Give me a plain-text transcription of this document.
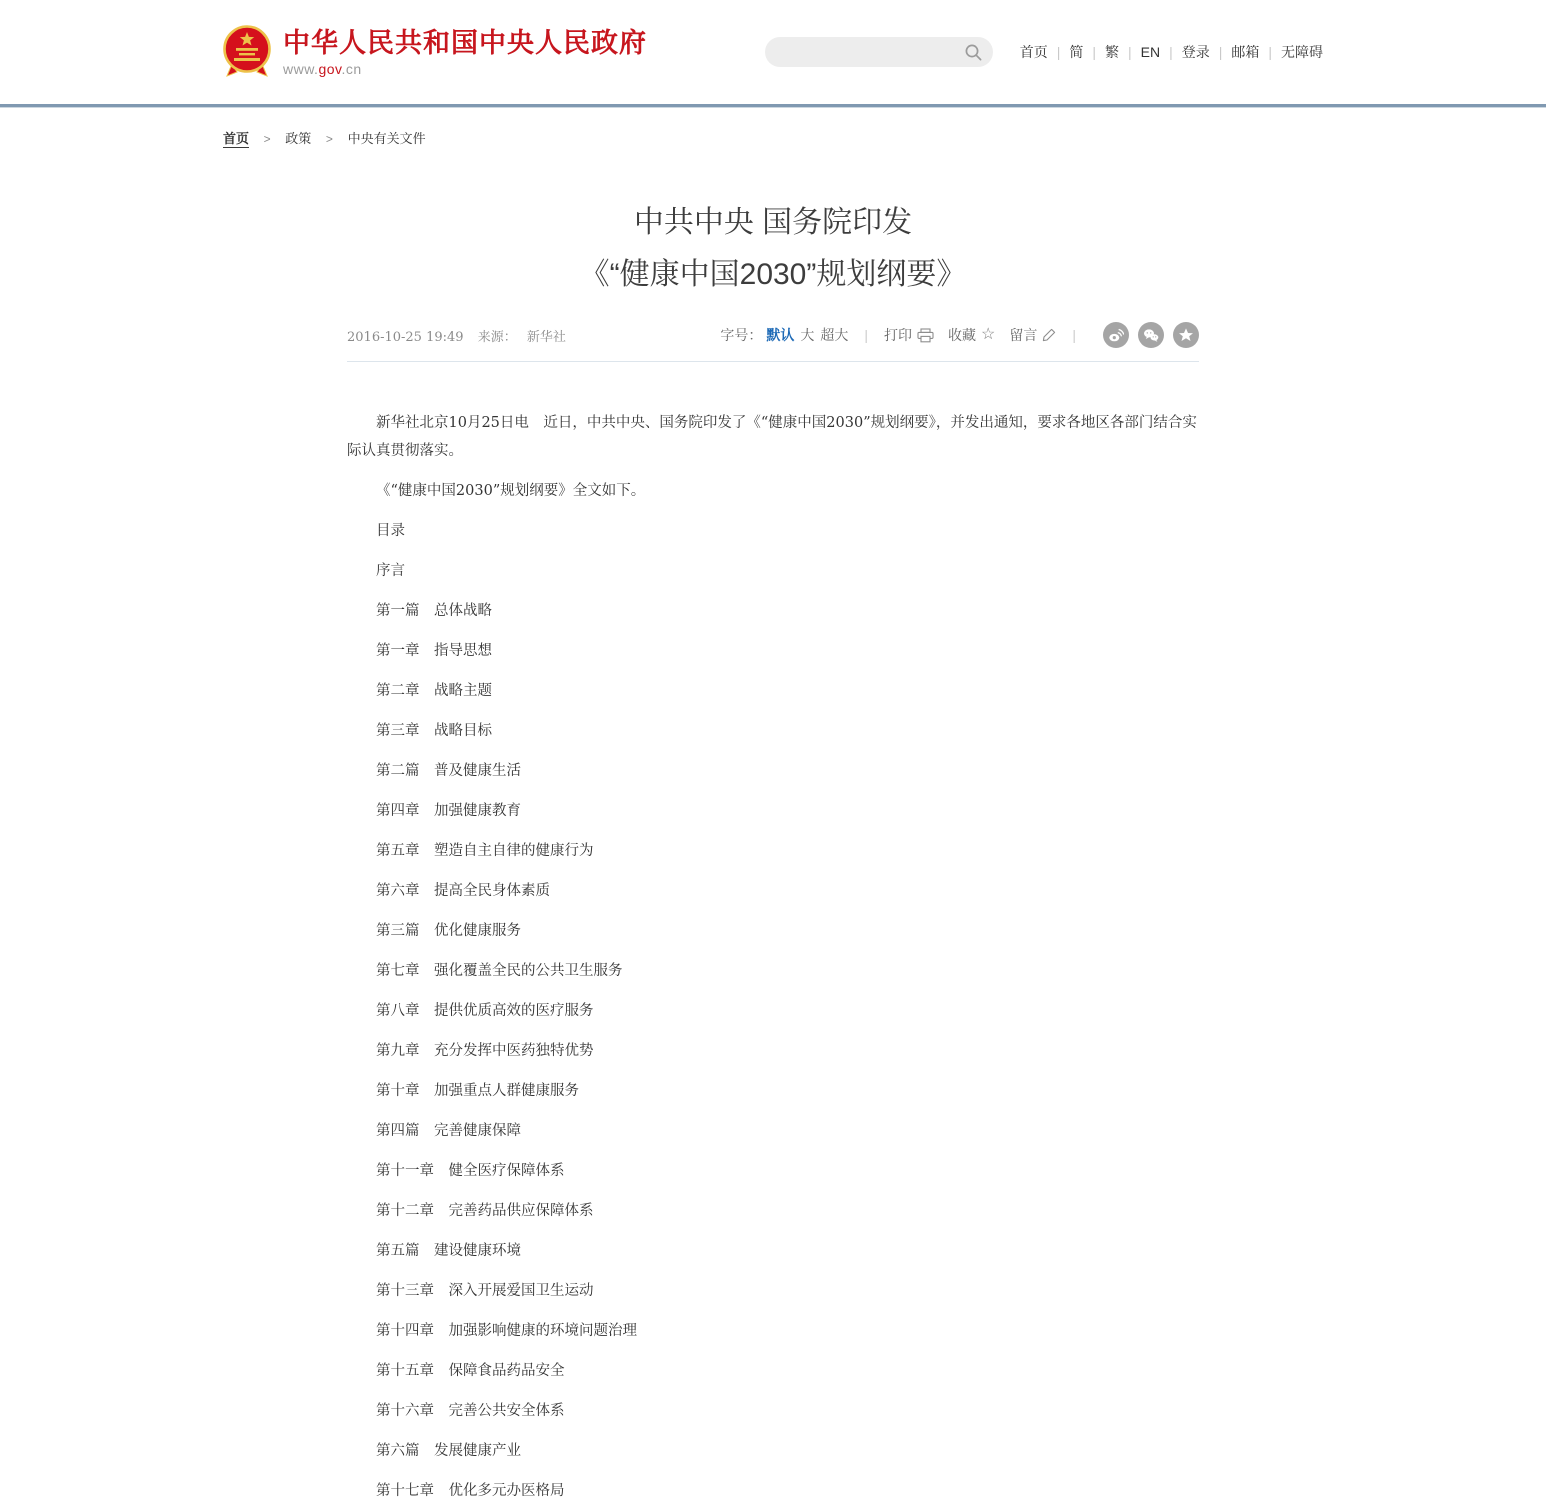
中华人民共和国中央人民政府
www.gov.cn
首页	| 简	| 繁	| EN	| 登录	| 邮箱	| 无障碍
首页 > 政策 > 中央有关文件
中共中央 国务院印发
《“健康中国2030”规划纲要》
2016-10-25 19:49 来源： 新华社	字号： 默认 大 超大 | 打印	收藏 ☆ 留言	|

新华社北京10月25日电　近日，中共中央、国务院印发了《“健康中国2030”规划纲要》，并发出通知，要求各地区各部门结合实际认真贯彻落实。

《“健康中国2030”规划纲要》全文如下。

目录

序言

第一篇　总体战略

第一章　指导思想

第二章　战略主题

第三章　战略目标

第二篇　普及健康生活

第四章　加强健康教育

第五章　塑造自主自律的健康行为

第六章　提高全民身体素质

第三篇　优化健康服务

第七章　强化覆盖全民的公共卫生服务

第八章　提供优质高效的医疗服务

第九章　充分发挥中医药独特优势

第十章　加强重点人群健康服务

第四篇　完善健康保障

第十一章　健全医疗保障体系

第十二章　完善药品供应保障体系

第五篇　建设健康环境

第十三章　深入开展爱国卫生运动

第十四章　加强影响健康的环境问题治理

第十五章　保障食品药品安全

第十六章　完善公共安全体系

第六篇　发展健康产业

第十七章　优化多元办医格局
